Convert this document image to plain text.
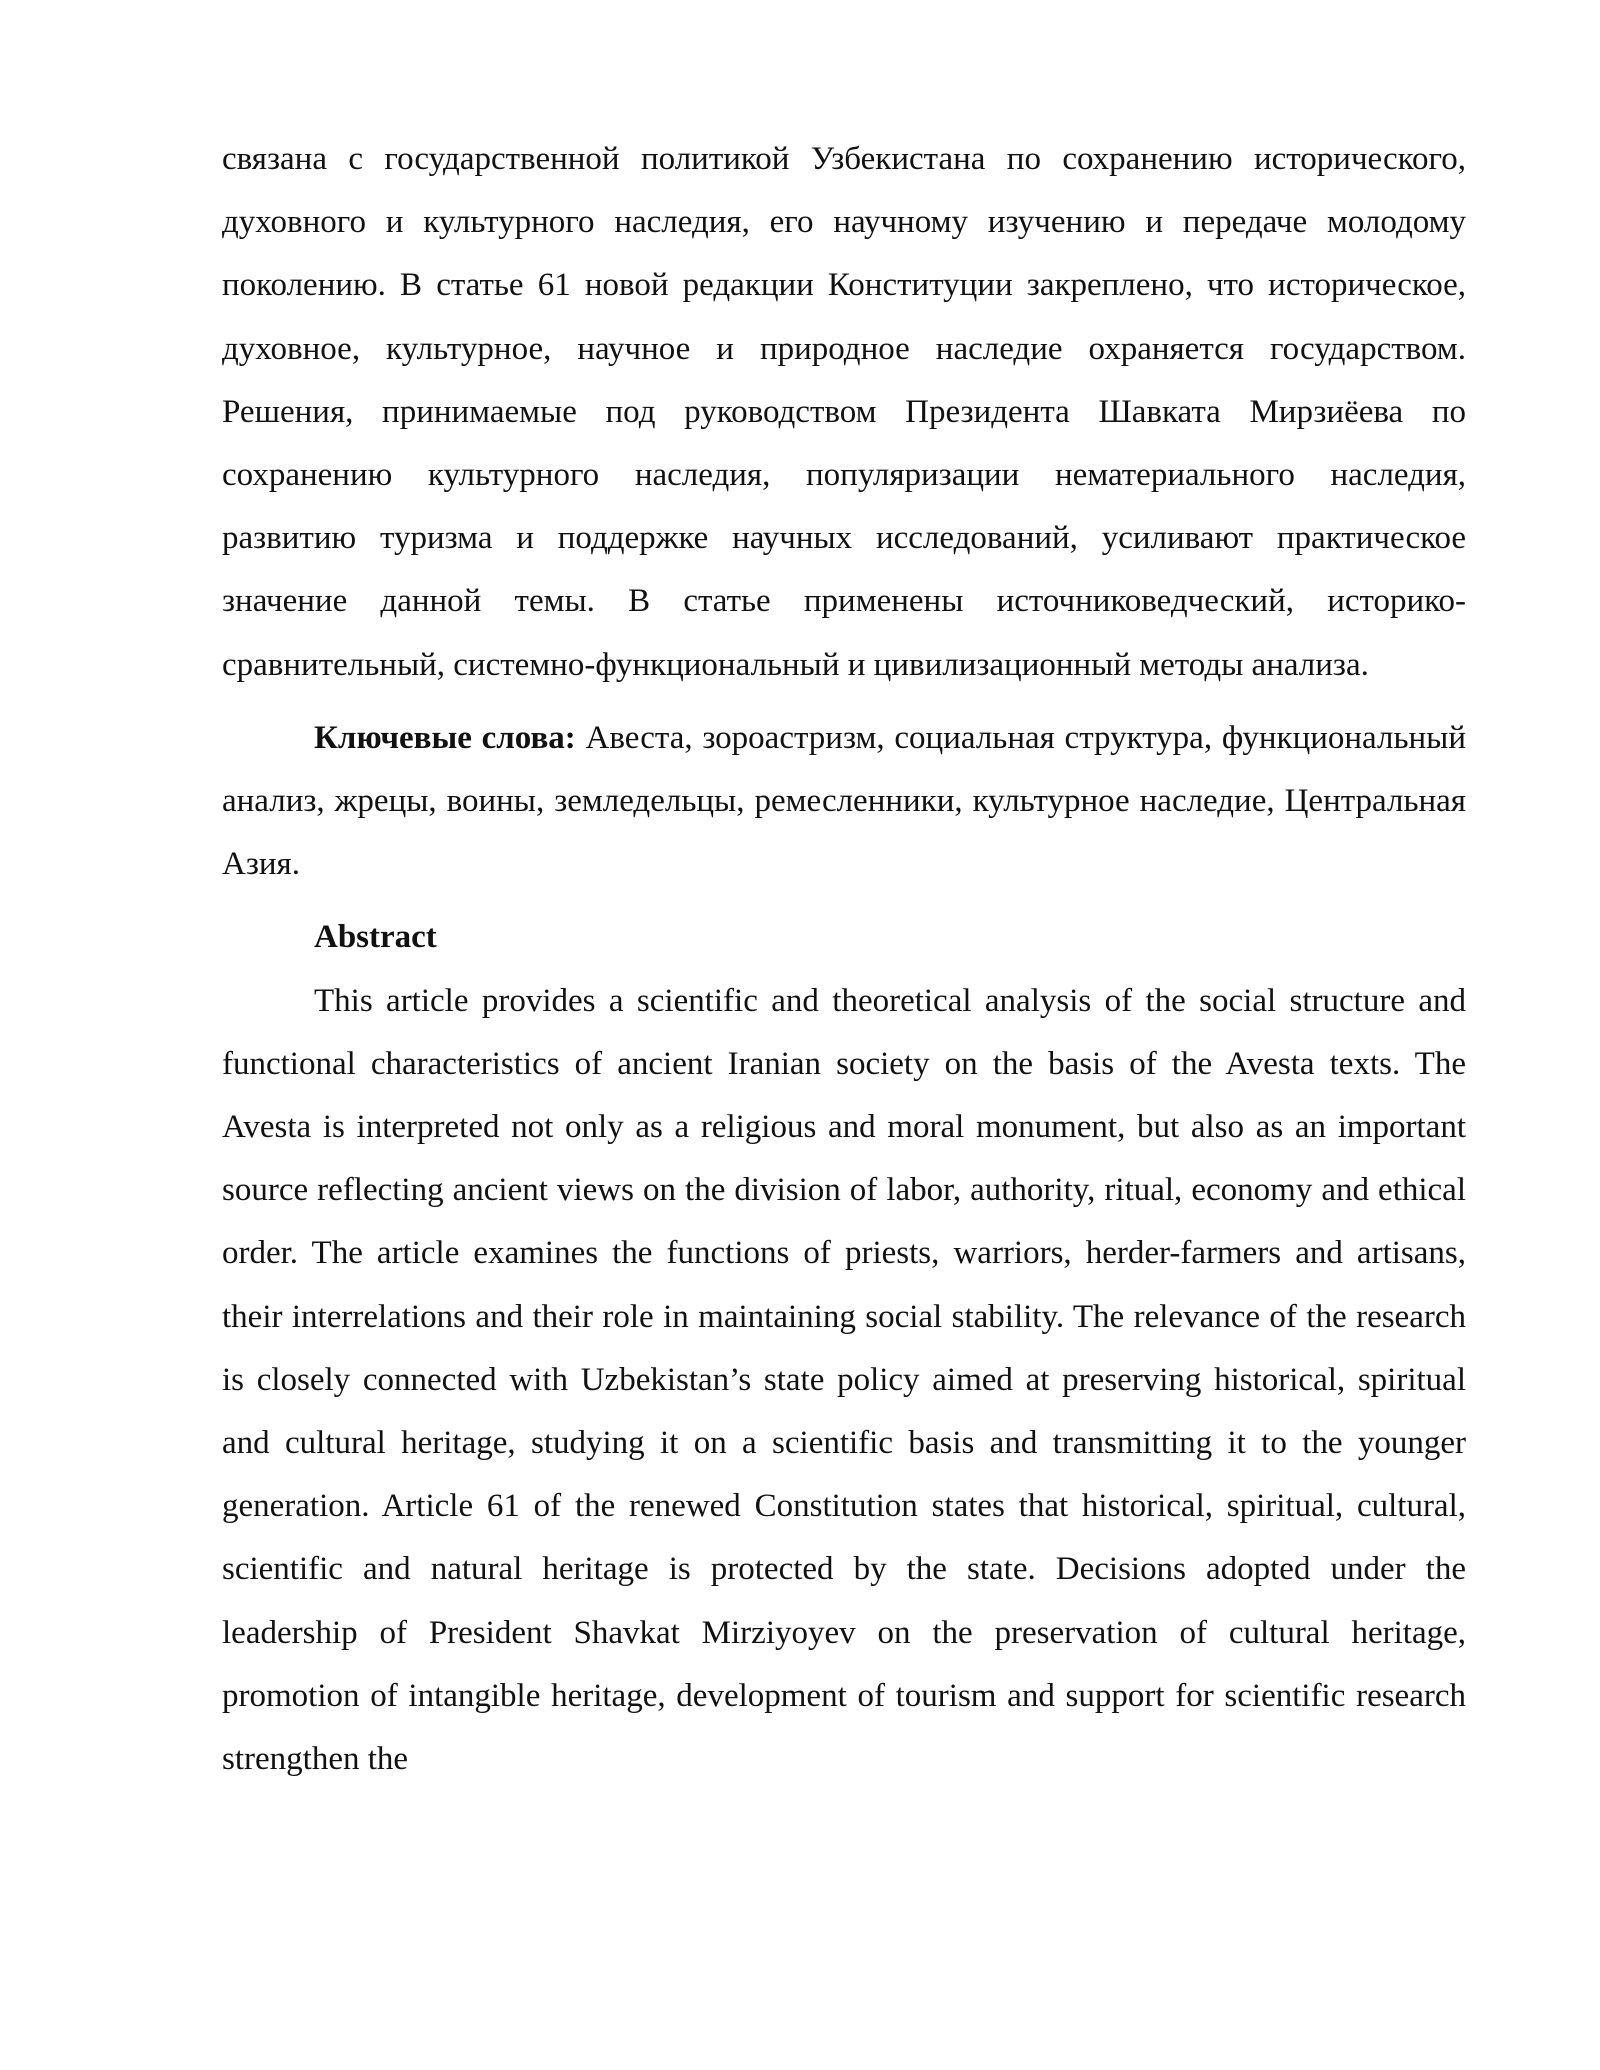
связана с государственной политикой Узбекистана по сохранению исторического, духовного и культурного наследия, его научному изучению и передаче молодому поколению. В статье 61 новой редакции Конституции закреплено, что историческое, духовное, культурное, научное и природное наследие охраняется государством. Решения, принимаемые под руководством Президента Шавката Мирзиёева по сохранению культурного наследия, популяризации нематериального наследия, развитию туризма и поддержке научных исследований, усиливают практическое значение данной темы. В статье применены источниковедческий, историко-сравнительный, системно-функциональный и цивилизационный методы анализа.

Ключевые слова: Авеста, зороастризм, социальная структура, функциональный анализ, жрецы, воины, земледельцы, ремесленники, культурное наследие, Центральная Азия.

Abstract

This article provides a scientific and theoretical analysis of the social structure and functional characteristics of ancient Iranian society on the basis of the Avesta texts. The Avesta is interpreted not only as a religious and moral monument, but also as an important source reflecting ancient views on the division of labor, authority, ritual, economy and ethical order. The article examines the functions of priests, warriors, herder-farmers and artisans, their interrelations and their role in maintaining social stability. The relevance of the research is closely connected with Uzbekistan’s state policy aimed at preserving historical, spiritual and cultural heritage, studying it on a scientific basis and transmitting it to the younger generation. Article 61 of the renewed Constitution states that historical, spiritual, cultural, scientific and natural heritage is protected by the state. Decisions adopted under the leadership of President Shavkat Mirziyoyev on the preservation of cultural heritage, promotion of intangible heritage, development of tourism and support for scientific research strengthen the
